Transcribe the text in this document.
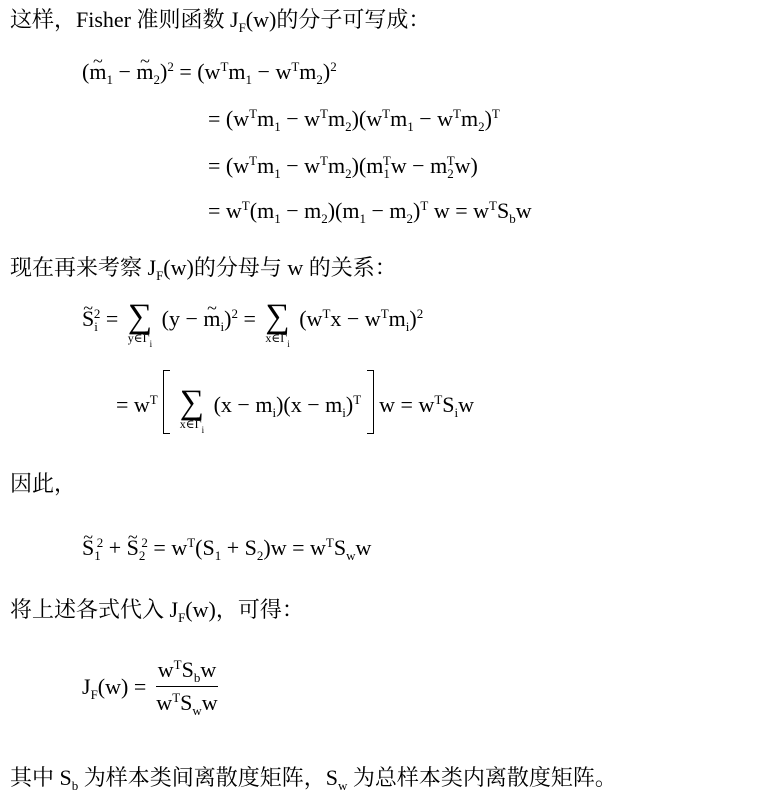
这样，Fisher 准则函数 $J_F(w)$的分子可写成：
(~ $m_1$ − ~ $m_2)^2 = (w^Tm_1 - w^Tm_2)^2$
= $(w^Tm_1 - w^Tm_2)(w^Tm_1 - w^Tm_2)^T$
= $(w^Tm_1 - w^Tm_2)(m_1^Tw - m_2^Tw)$
= $w^T(m_1 - m_2)(m_1 - m_2)^T$ $w = w^TS_bw$
现在再来考察 $J_F(w)$的分母与 w 的关系：
~ $S_i^2$ = ∑
$y\in\Gamma_i$
(y − ~ $m_i)^2$ = ∑
$x\in\Gamma_i$
$(w^Tx - w^Tm_i)^2$
= $w^T$ ∑
$x\in\Gamma_i$
$(x - m_i)(x - m_i)^T$  $w = w^TS_iw$
因此，
~ $S_1^2$ + ~ $S_2^2 = w^T(S_1 + S_2)w = w^TS_ww$
将上述各式代入 $J_F(w)$，可得：
$J_F(w) = \frac{w^TS_bw}{w^TS_ww}$
其中 $S_b$ 为样本类间离散度矩阵，$S_w$ 为总样本类内离散度矩阵。
